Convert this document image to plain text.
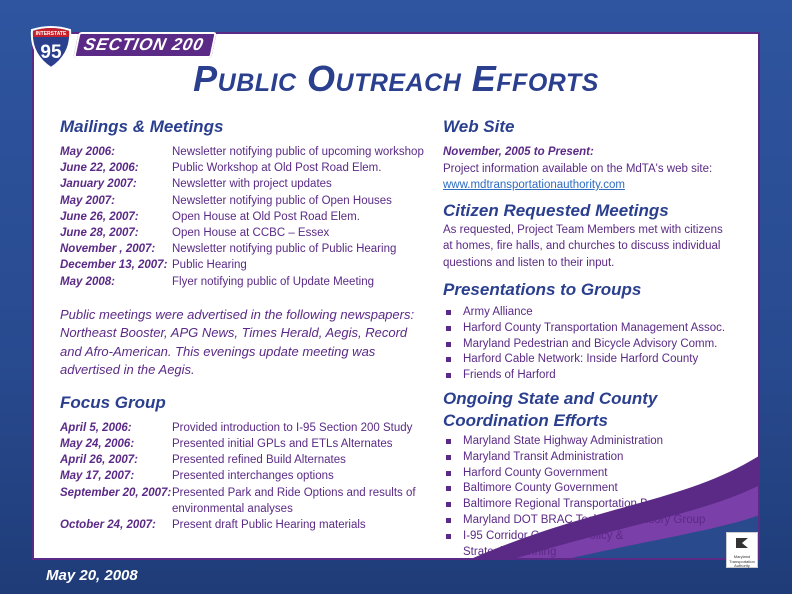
INTERSTATE
95	SECTION 200
Public Outreach Efforts

Mailings & Meetings

May 2006:	Newsletter notifying public of upcoming workshop
June 22, 2006:	Public Workshop at Old Post Road Elem.
January 2007:	Newsletter with project updates
May 2007:	Newsletter notifying public of Open Houses
June 26, 2007:	Open House at Old Post Road Elem.
June 28, 2007:	Open House at CCBC – Essex
November , 2007:	Newsletter notifying public of Public Hearing
December 13, 2007: Public Hearing
May 2008:	Flyer notifying public of Update Meeting

Public meetings were advertised in the following newspapers: Northeast Booster, APG News, Times Herald, Aegis, Record and Afro-American. This evenings update meeting was advertised in the Aegis.

Focus Group

April 5, 2006:	Provided introduction to I-95 Section 200 Study
May 24, 2006:	Presented initial GPLs and ETLs Alternates
April 26, 2007:	Presented refined Build Alternates
May 17, 2007:	Presented interchanges options
September 20, 2007: Presented Park and Ride Options and results of environmental analyses
October 24, 2007:	Present draft Public Hearing materials

Web Site

November, 2005 to Present:
Project information available on the MdTA's web site:
www.mdtransportationauthority.com

Citizen Requested Meetings

As requested, Project Team Members met with citizens at homes, fire halls, and churches to discuss individual questions and listen to their input.

Presentations to Groups

Army Alliance
Harford County Transportation Management Assoc.
Maryland Pedestrian and Bicycle Advisory Comm.
Harford Cable Network: Inside Harford County
Friends of Harford

Ongoing State and County Coordination Efforts

Maryland State Highway Administration
Maryland Transit Administration
Harford County Government
Baltimore County Government
Baltimore Regional Transportation Board
Maryland DOT BRAC Technical Advisory Group
I-95 Corridor Coalition: Policy & Strategic Planning	Maryland Transportation Authority
May 20, 2008
